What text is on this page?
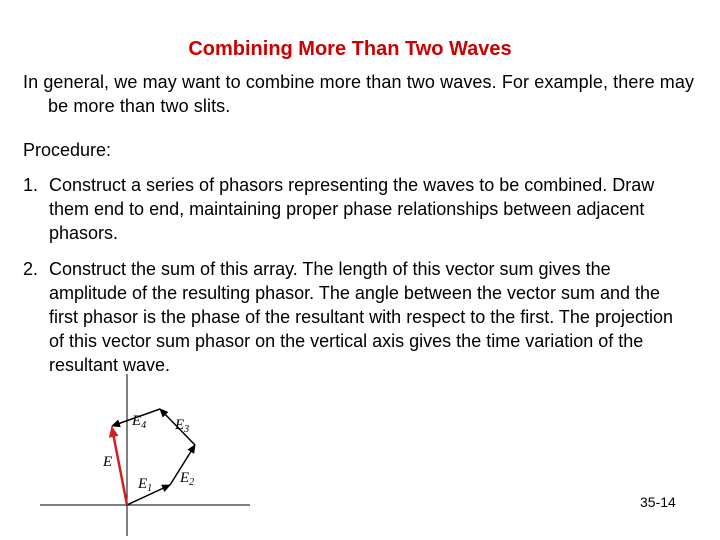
Combining More Than Two Waves
In general, we may want to combine more than two waves. For example, there may be more than two slits.
Procedure:
1. Construct a series of phasors representing the waves to be combined. Draw them end to end, maintaining proper phase relationships between adjacent phasors.
2. Construct the sum of this array. The length of this vector sum gives the amplitude of the resulting phasor. The angle between the vector sum and the first phasor is the phase of the resultant with respect to the first. The projection of this vector sum phasor on the vertical axis gives the time variation of the resultant wave.
$E_4$ $E_3$
E
$E_1$
$E_2$
35-14
